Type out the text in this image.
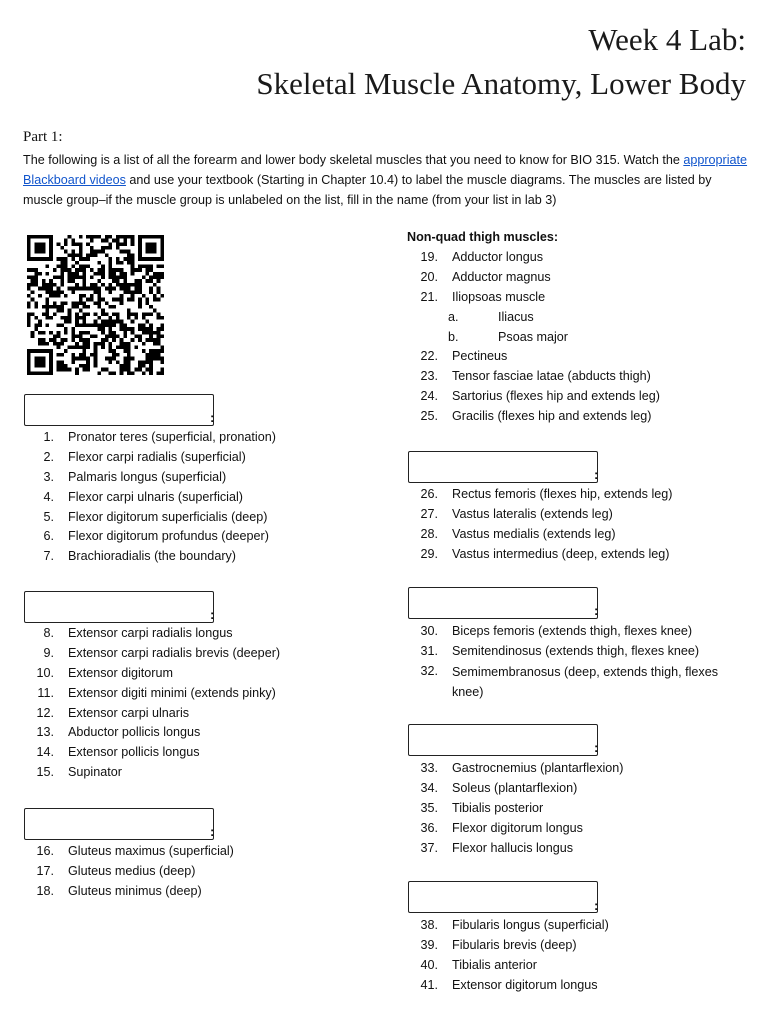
Week 4 Lab:
Skeletal Muscle Anatomy, Lower Body
Part 1:
The following is a list of all the forearm and lower body skeletal muscles that you need to know for BIO 315. Watch the appropriate Blackboard videos and use your textbook (Starting in Chapter 10.4) to label the muscle diagrams. The muscles are listed by muscle group–if the muscle group is unlabeled on the list, fill in the name (from your list in lab 3)
:
1. Pronator teres (superficial, pronation)
2. Flexor carpi radialis (superficial)
3. Palmaris longus (superficial)
4. Flexor carpi ulnaris (superficial)
5. Flexor digitorum superficialis (deep)
6. Flexor digitorum profundus (deeper)
7. Brachioradialis (the boundary)
:
8. Extensor carpi radialis longus
9. Extensor carpi radialis brevis (deeper)
10. Extensor digitorum
11. Extensor digiti minimi (extends pinky)
12. Extensor carpi ulnaris
13. Abductor pollicis longus
14. Extensor pollicis longus
15. Supinator
:
16. Gluteus maximus (superficial)
17. Gluteus medius (deep)
18. Gluteus minimus (deep)
Non-quad thigh muscles:
19. Adductor longus
20. Adductor magnus
21. Iliopsoas muscle
a.	Iliacus
b.	Psoas major
22. Pectineus
23. Tensor fasciae latae (abducts thigh)
24. Sartorius (flexes hip and extends leg)
25. Gracilis (flexes hip and extends leg)
:
26. Rectus femoris (flexes hip, extends leg)
27. Vastus lateralis (extends leg)
28. Vastus medialis (extends leg)
29. Vastus intermedius (deep, extends leg)
:
30. Biceps femoris (extends thigh, flexes knee)
31. Semitendinosus (extends thigh, flexes knee)
32. Semimembranosus (deep, extends thigh, flexes knee)
:
33. Gastrocnemius (plantarflexion)
34. Soleus (plantarflexion)
35. Tibialis posterior
36. Flexor digitorum longus
37. Flexor hallucis longus
:
38. Fibularis longus (superficial)
39. Fibularis brevis (deep)
40. Tibialis anterior
41. Extensor digitorum longus
